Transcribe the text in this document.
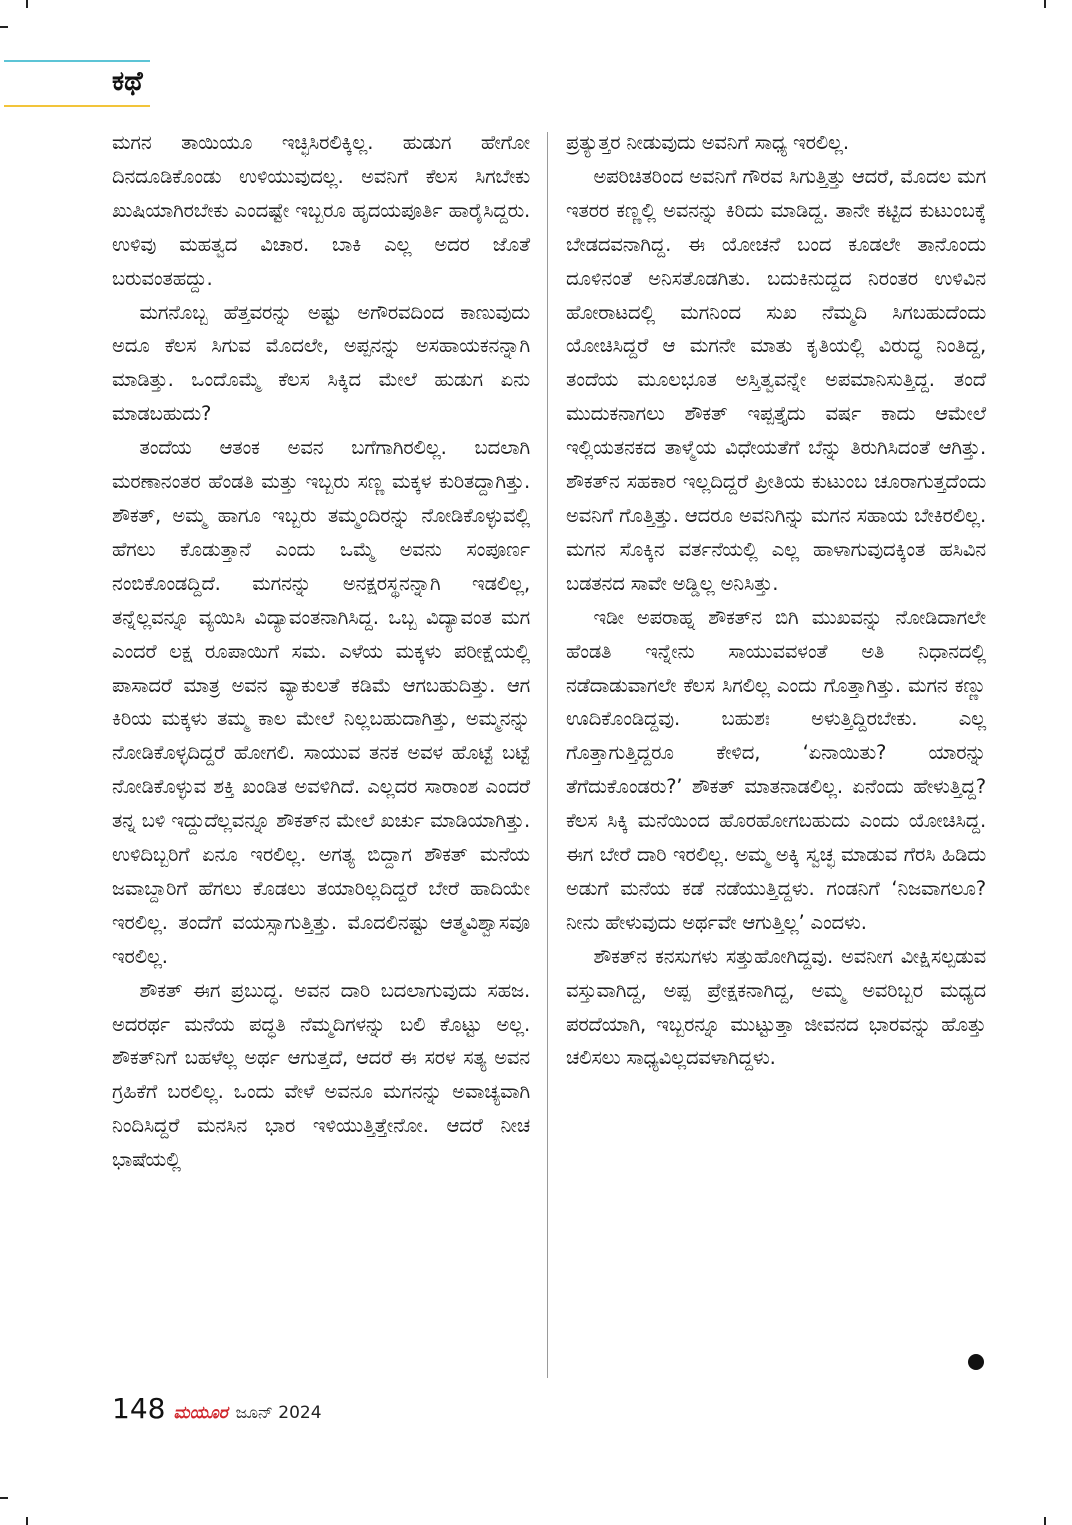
ಕಥೆ

ಮಗನ ತಾಯಿಯೂ ಇಚ್ಛಿಸಿರಲಿಕ್ಕಿಲ್ಲ. ಹುಡುಗ ಹೇಗೋ ದಿನದೂಡಿಕೊಂಡು ಉಳಿಯುವುದಲ್ಲ. ಅವನಿಗೆ ಕೆಲಸ ಸಿಗಬೇಕು ಖುಷಿಯಾಗಿರಬೇಕು ಎಂದಷ್ಟೇ ಇಬ್ಬರೂ ಹೃದಯಪೂರ್ತಿ ಹಾರೈಸಿದ್ದರು. ಉಳಿವು ಮಹತ್ವದ ವಿಚಾರ. ಬಾಕಿ ಎಲ್ಲ ಅದರ ಜೊತೆ ಬರುವಂತಹದ್ದು.

ಮಗನೊಬ್ಬ ಹೆತ್ತವರನ್ನು ಅಷ್ಟು ಅಗೌರವದಿಂದ ಕಾಣುವುದು ಅದೂ ಕೆಲಸ ಸಿಗುವ ಮೊದಲೇ, ಅಪ್ಪನನ್ನು ಅಸಹಾಯಕನನ್ನಾಗಿ ಮಾಡಿತ್ತು. ಒಂದೊಮ್ಮೆ ಕೆಲಸ ಸಿಕ್ಕಿದ ಮೇಲೆ ಹುಡುಗ ಏನು ಮಾಡಬಹುದು?

ತಂದೆಯ ಆತಂಕ ಅವನ ಬಗೆಗಾಗಿರಲಿಲ್ಲ. ಬದಲಾಗಿ ಮರಣಾನಂತರ ಹೆಂಡತಿ ಮತ್ತು ಇಬ್ಬರು ಸಣ್ಣ ಮಕ್ಕಳ ಕುರಿತದ್ದಾಗಿತ್ತು. ಶೌಕತ್, ಅಮ್ಮ ಹಾಗೂ ಇಬ್ಬರು ತಮ್ಮಂದಿರನ್ನು ನೋಡಿಕೊಳ್ಳುವಲ್ಲಿ ಹೆಗಲು ಕೊಡುತ್ತಾನೆ ಎಂದು ಒಮ್ಮೆ ಅವನು ಸಂಪೂರ್ಣ ನಂಬಿಕೊಂಡದ್ದಿದೆ. ಮಗನನ್ನು ಅನಕ್ಷರಸ್ಥನನ್ನಾಗಿ ಇಡಲಿಲ್ಲ, ತನ್ನೆಲ್ಲವನ್ನೂ ವ್ಯಯಿಸಿ ವಿದ್ಯಾವಂತನಾಗಿಸಿದ್ದ. ಒಬ್ಬ ವಿದ್ಯಾವಂತ ಮಗ ಎಂದರೆ ಲಕ್ಷ ರೂಪಾಯಿಗೆ ಸಮ. ಎಳೆಯ ಮಕ್ಕಳು ಪರೀಕ್ಷೆಯಲ್ಲಿ ಪಾಸಾದರೆ ಮಾತ್ರ ಅವನ ವ್ಯಾಕುಲತೆ ಕಡಿಮೆ ಆಗಬಹುದಿತ್ತು. ಆಗ ಕಿರಿಯ ಮಕ್ಕಳು ತಮ್ಮ ಕಾಲ ಮೇಲೆ ನಿಲ್ಲಬಹುದಾಗಿತ್ತು, ಅಮ್ಮನನ್ನು ನೋಡಿಕೊಳ್ಳದಿದ್ದರೆ ಹೋಗಲಿ. ಸಾಯುವ ತನಕ ಅವಳ ಹೊಟ್ಟೆ ಬಟ್ಟೆ ನೋಡಿಕೊಳ್ಳುವ ಶಕ್ತಿ ಖಂಡಿತ ಅವಳಿಗಿದೆ. ಎಲ್ಲದರ ಸಾರಾಂಶ ಎಂದರೆ ತನ್ನ ಬಳಿ ಇದ್ದುದೆಲ್ಲವನ್ನೂ ಶೌಕತ್‌ನ ಮೇಲೆ ಖರ್ಚು ಮಾಡಿಯಾಗಿತ್ತು. ಉಳಿದಿಬ್ಬರಿಗೆ ಏನೂ ಇರಲಿಲ್ಲ. ಅಗತ್ಯ ಬಿದ್ದಾಗ ಶೌಕತ್ ಮನೆಯ ಜವಾಬ್ದಾರಿಗೆ ಹೆಗಲು ಕೊಡಲು ತಯಾರಿಲ್ಲದಿದ್ದರೆ ಬೇರೆ ಹಾದಿಯೇ ಇರಲಿಲ್ಲ. ತಂದೆಗೆ ವಯಸ್ಸಾಗುತ್ತಿತ್ತು. ಮೊದಲಿನಷ್ಟು ಆತ್ಮವಿಶ್ವಾಸವೂ ಇರಲಿಲ್ಲ.

ಶೌಕತ್ ಈಗ ಪ್ರಬುದ್ಧ. ಅವನ ದಾರಿ ಬದಲಾಗುವುದು ಸಹಜ. ಅದರರ್ಥ ಮನೆಯ ಪದ್ಧತಿ ನೆಮ್ಮದಿಗಳನ್ನು ಬಲಿ ಕೊಟ್ಟು ಅಲ್ಲ. ಶೌಕತ್‌ನಿಗೆ ಬಹಳೆಲ್ಲ ಅರ್ಥ ಆಗುತ್ತದೆ, ಆದರೆ ಈ ಸರಳ ಸತ್ಯ ಅವನ ಗ್ರಹಿಕೆಗೆ ಬರಲಿಲ್ಲ. ಒಂದು ವೇಳೆ ಅವನೂ ಮಗನನ್ನು ಅವಾಚ್ಯವಾಗಿ ನಿಂದಿಸಿದ್ದರೆ ಮನಸಿನ ಭಾರ ಇಳಿಯುತ್ತಿತ್ತೇನೋ. ಆದರೆ ನೀಚ ಭಾಷೆಯಲ್ಲಿ

ಪ್ರತ್ಯುತ್ತರ ನೀಡುವುದು ಅವನಿಗೆ ಸಾಧ್ಯ ಇರಲಿಲ್ಲ.

ಅಪರಿಚಿತರಿಂದ ಅವನಿಗೆ ಗೌರವ ಸಿಗುತ್ತಿತ್ತು ಆದರೆ, ಮೊದಲ ಮಗ ಇತರರ ಕಣ್ಣಲ್ಲಿ ಅವನನ್ನು ಕಿರಿದು ಮಾಡಿದ್ದ. ತಾನೇ ಕಟ್ಟಿದ ಕುಟುಂಬಕ್ಕೆ ಬೇಡದವನಾಗಿದ್ದ. ಈ ಯೋಚನೆ ಬಂದ ಕೂಡಲೇ ತಾನೊಂದು ದೂಳಿನಂತೆ ಅನಿಸತೊಡಗಿತು. ಬದುಕಿನುದ್ದದ ನಿರಂತರ ಉಳಿವಿನ ಹೋರಾಟದಲ್ಲಿ ಮಗನಿಂದ ಸುಖ ನೆಮ್ಮದಿ ಸಿಗಬಹುದೆಂದು ಯೋಚಿಸಿದ್ದರೆ ಆ ಮಗನೇ ಮಾತು ಕೃತಿಯಲ್ಲಿ ವಿರುದ್ಧ ನಿಂತಿದ್ದ, ತಂದೆಯ ಮೂಲಭೂತ ಅಸ್ತಿತ್ವವನ್ನೇ ಅಪಮಾನಿಸುತ್ತಿದ್ದ. ತಂದೆ ಮುದುಕನಾಗಲು ಶೌಕತ್ ಇಪ್ಪತ್ತೈದು ವರ್ಷ ಕಾದು ಆಮೇಲೆ ಇಲ್ಲಿಯತನಕದ ತಾಳ್ಮೆಯ ವಿಧೇಯತೆಗೆ ಬೆನ್ನು ತಿರುಗಿಸಿದಂತೆ ಆಗಿತ್ತು. ಶೌಕತ್‌ನ ಸಹಕಾರ ಇಲ್ಲದಿದ್ದರೆ ಪ್ರೀತಿಯ ಕುಟುಂಬ ಚೂರಾಗುತ್ತದೆಂದು ಅವನಿಗೆ ಗೊತ್ತಿತ್ತು. ಆದರೂ ಅವನಿಗಿನ್ನು ಮಗನ ಸಹಾಯ ಬೇಕಿರಲಿಲ್ಲ. ಮಗನ ಸೊಕ್ಕಿನ ವರ್ತನೆಯಲ್ಲಿ ಎಲ್ಲ ಹಾಳಾಗುವುದಕ್ಕಿಂತ ಹಸಿವಿನ ಬಡತನದ ಸಾವೇ ಅಡ್ಡಿಲ್ಲ ಅನಿಸಿತ್ತು.

ಇಡೀ ಅಪರಾಹ್ನ ಶೌಕತ್‌ನ ಬಿಗಿ ಮುಖವನ್ನು ನೋಡಿದಾಗಲೇ ಹೆಂಡತಿ ಇನ್ನೇನು ಸಾಯುವವಳಂತೆ ಅತಿ ನಿಧಾನದಲ್ಲಿ ನಡೆದಾಡುವಾಗಲೇ ಕೆಲಸ ಸಿಗಲಿಲ್ಲ ಎಂದು ಗೊತ್ತಾಗಿತ್ತು. ಮಗನ ಕಣ್ಣು ಊದಿಕೊಂಡಿದ್ದವು. ಬಹುಶಃ ಅಳುತ್ತಿದ್ದಿರಬೇಕು. ಎಲ್ಲ ಗೊತ್ತಾಗುತ್ತಿದ್ದರೂ ಕೇಳಿದ, ‘ಏನಾಯಿತು? ಯಾರನ್ನು ತೆಗೆದುಕೊಂಡರು?’ ಶೌಕತ್ ಮಾತನಾಡಲಿಲ್ಲ. ಏನೆಂದು ಹೇಳುತ್ತಿದ್ದ? ಕೆಲಸ ಸಿಕ್ಕಿ ಮನೆಯಿಂದ ಹೊರಹೋಗಬಹುದು ಎಂದು ಯೋಚಿಸಿದ್ದ. ಈಗ ಬೇರೆ ದಾರಿ ಇರಲಿಲ್ಲ. ಅಮ್ಮ ಅಕ್ಕಿ ಸ್ವಚ್ಛ ಮಾಡುವ ಗೆರಸಿ ಹಿಡಿದು ಅಡುಗೆ ಮನೆಯ ಕಡೆ ನಡೆಯುತ್ತಿದ್ದಳು. ಗಂಡನಿಗೆ ‘ನಿಜವಾಗಲೂ? ನೀನು ಹೇಳುವುದು ಅರ್ಥವೇ ಆಗುತ್ತಿಲ್ಲ’ ಎಂದಳು.

ಶೌಕತ್‌ನ ಕನಸುಗಳು ಸತ್ತುಹೋಗಿದ್ದವು. ಅವನೀಗ ವೀಕ್ಷಿಸಲ್ಪಡುವ ವಸ್ತುವಾಗಿದ್ದ, ಅಪ್ಪ ಪ್ರೇಕ್ಷಕನಾಗಿದ್ದ, ಅಮ್ಮ ಅವರಿಬ್ಬರ ಮಧ್ಯದ ಪರದೆಯಾಗಿ, ಇಬ್ಬರನ್ನೂ ಮುಟ್ಟುತ್ತಾ ಜೀವನದ ಭಾರವನ್ನು ಹೊತ್ತು ಚಲಿಸಲು ಸಾಧ್ಯವಿಲ್ಲದವಳಾಗಿದ್ದಳು.

148 ಮಯೂರ ಜೂನ್ 2024
